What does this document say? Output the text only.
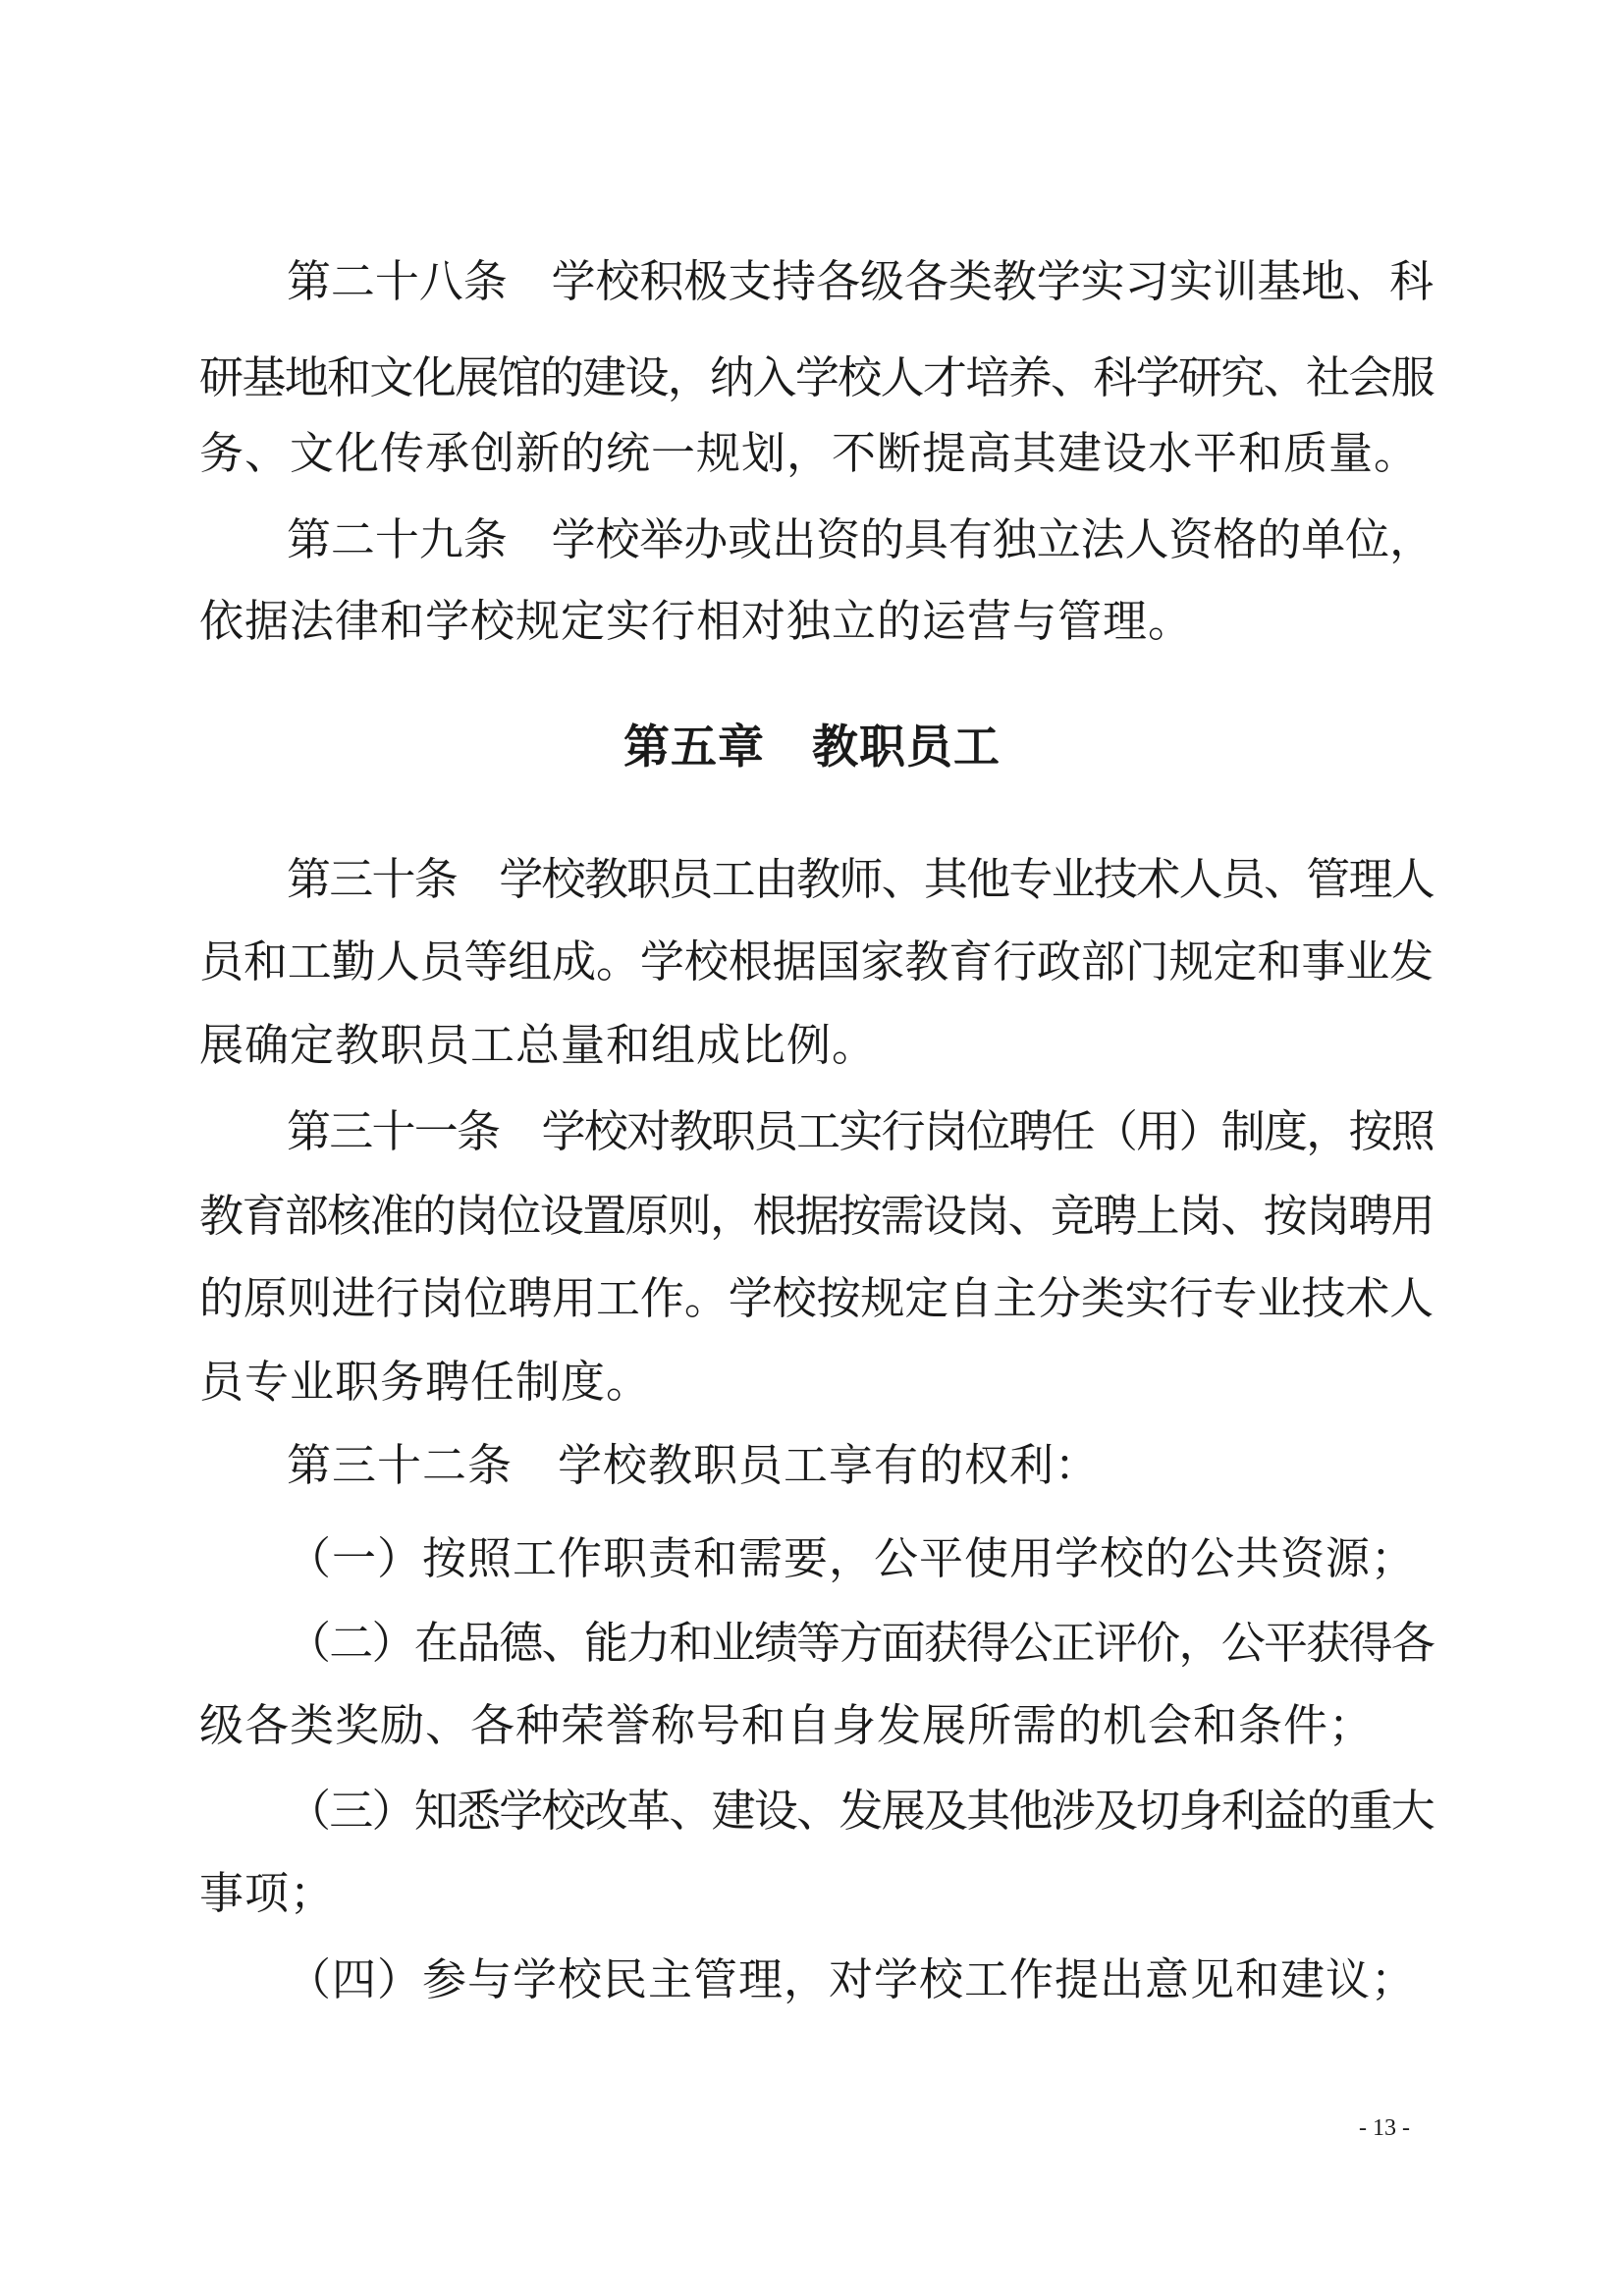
第二十八条　学校积极支持各级各类教学实习实训基地、科
研基地和文化展馆的建设，纳入学校人才培养、科学研究、社会服
务、文化传承创新的统一规划，不断提高其建设水平和质量。
第二十九条　学校举办或出资的具有独立法人资格的单位，
依据法律和学校规定实行相对独立的运营与管理。
第五章　教职员工
第三十条　学校教职员工由教师、其他专业技术人员、管理人
员和工勤人员等组成。学校根据国家教育行政部门规定和事业发
展确定教职员工总量和组成比例。
第三十一条　学校对教职员工实行岗位聘任（用）制度，按照
教育部核准的岗位设置原则，根据按需设岗、竞聘上岗、按岗聘用
的原则进行岗位聘用工作。学校按规定自主分类实行专业技术人
员专业职务聘任制度。
第三十二条　学校教职员工享有的权利：
（一）按照工作职责和需要，公平使用学校的公共资源；
（二）在品德、能力和业绩等方面获得公正评价，公平获得各
级各类奖励、各种荣誉称号和自身发展所需的机会和条件；
（三）知悉学校改革、建设、发展及其他涉及切身利益的重大
事项；
（四）参与学校民主管理，对学校工作提出意见和建议；
- 13 -
